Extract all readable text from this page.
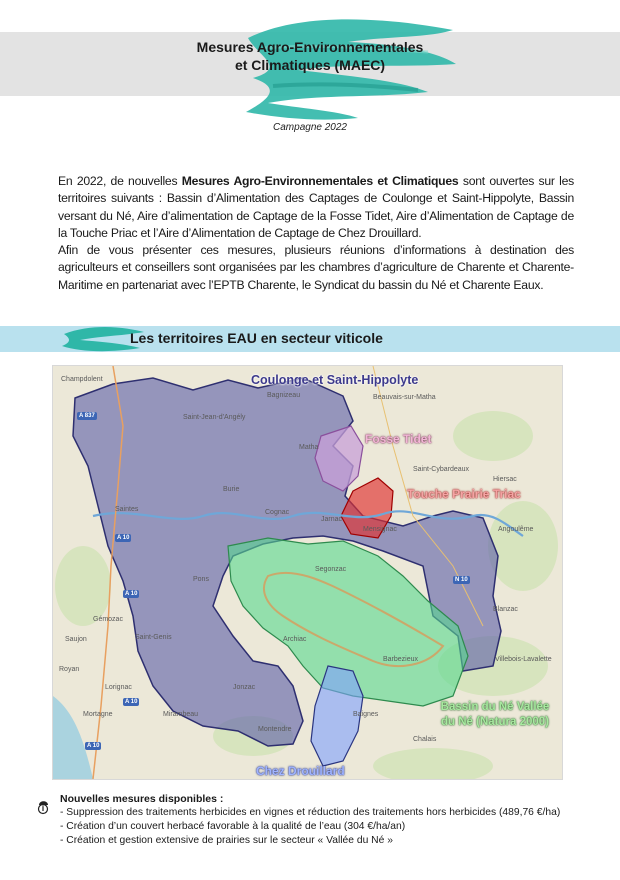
Mesures Agro-Environnementales
et Climatiques (MAEC)
Campagne 2022

En 2022, de nouvelles Mesures Agro-Environnementales et Climatiques sont ouvertes sur les territoires suivants : Bassin d’Alimentation des Captages de Coulonge et Saint-Hippolyte, Bassin versant du Né, Aire d’alimentation de Captage de la Fosse Tidet, Aire d’Alimentation de Captage de la Touche Priac et l’Aire d’Alimentation de Captage de Chez Drouillard.

Afin de vous présenter ces mesures, plusieurs réunions d’informations à destination des agriculteurs et conseillers sont organisées par les chambres d’agriculture de Charente et Charente-Maritime en partenariat avec l’EPTB Charente, le Syndicat du bassin du Né et Charente Eaux.

Les territoires EAU en secteur viticole
Champdolent
Bagnizeau	Beauvais-sur-Matha
Matha
Hiersac
Saint-Cybardeaux
Saint-Jean-d'Angély
Saintes	Cognac
Jarnac
Angoulême
Segonzac
Pons
Jonzac
Barbezieux
Archiac
Mirambeau
Montendre
Chalais
Baignes
Blanzac
Villebois-Lavalette
Royan
Gémozac
Saujon	Saint-Genis
Lorignac
Mortagne
Mensignac
Burie
A 837
A 10
A 10
A 10
A 10
N 10
Coulonge et Saint-Hippolyte
Fosse Tidet
Touche Prairie Triac
Bassin du Né Vallée du Né (Natura 2000)
Chez Drouillard
Nouvelles mesures disponibles :
- Suppression des traitements herbicides en vignes et réduction des traitements hors herbicides (489,76 €/ha)
- Création d’un couvert herbacé favorable à la qualité de l’eau (304 €/ha/an)
- Création et gestion extensive de prairies sur le secteur « Vallée du Né »
